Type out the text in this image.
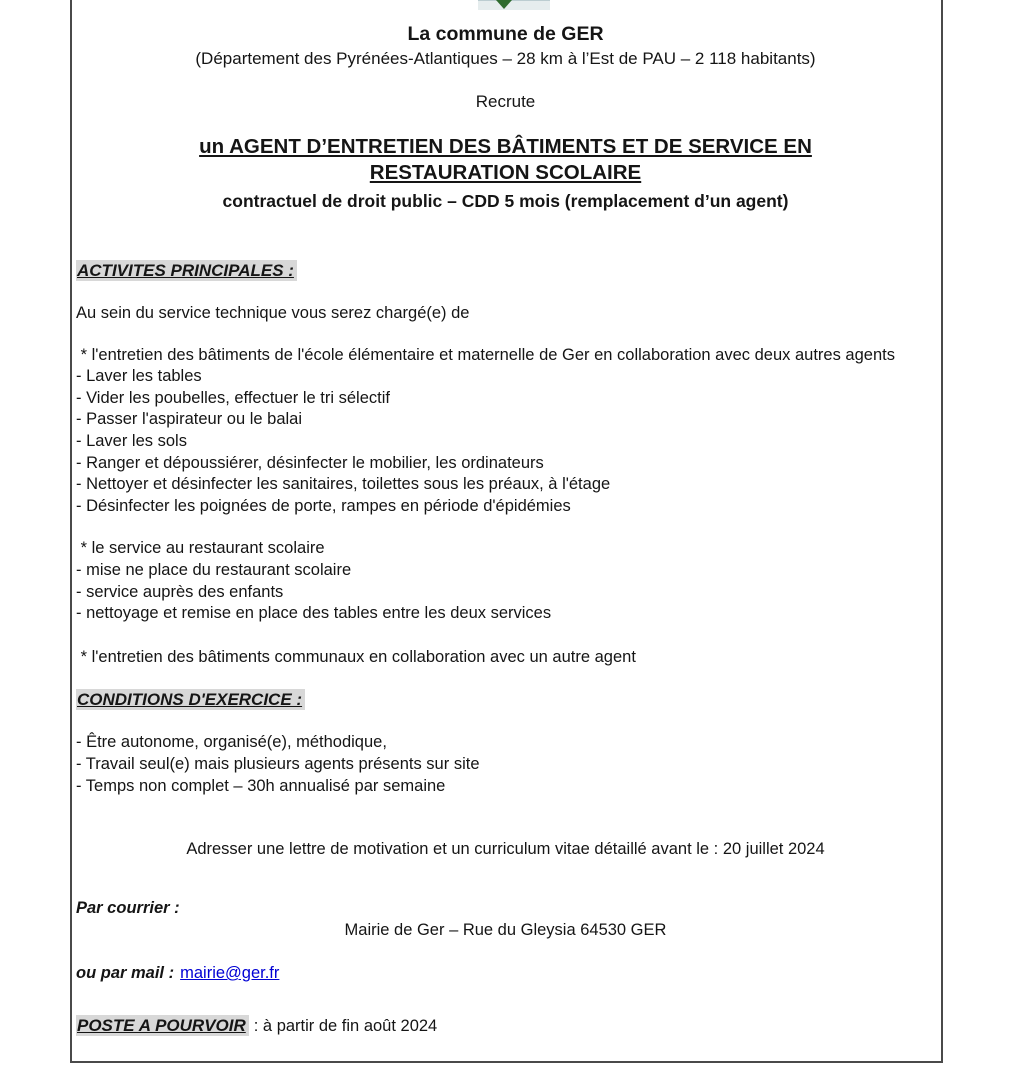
La commune de GER
(Département des Pyrénées-Atlantiques – 28 km à l’Est de PAU – 2 118 habitants)
Recrute
un AGENT D’ENTRETIEN DES BÂTIMENTS ET DE SERVICE EN
RESTAURATION SCOLAIRE
contractuel de droit public – CDD 5 mois (remplacement d’un agent)
ACTIVITES PRINCIPALES :

Au sein du service technique vous serez chargé(e) de

* l'entretien des bâtiments de l'école élémentaire et maternelle de Ger en collaboration avec deux autres agents

- Laver les tables
- Vider les poubelles, effectuer le tri sélectif
- Passer l'aspirateur ou le balai
- Laver les sols
- Ranger et dépoussiérer, désinfecter le mobilier, les ordinateurs
- Nettoyer et désinfecter les sanitaires, toilettes sous les préaux, à l'étage
- Désinfecter les poignées de porte, rampes en période d'épidémies

* le service au restaurant scolaire

- mise ne place du restaurant scolaire
- service auprès des enfants
- nettoyage et remise en place des tables entre les deux services

* l'entretien des bâtiments communaux en collaboration avec un autre agent

CONDITIONS D'EXERCICE :
- Être autonome, organisé(e), méthodique,
- Travail seul(e) mais plusieurs agents présents sur site
- Temps non complet – 30h annualisé par semaine

Adresser une lettre de motivation et un curriculum vitae détaillé avant le : 20 juillet 2024

Par courrier :

Mairie de Ger – Rue du Gleysia 64530 GER

ou par mail : mairie@ger.fr

POSTE A POURVOIR : à partir de fin août 2024
